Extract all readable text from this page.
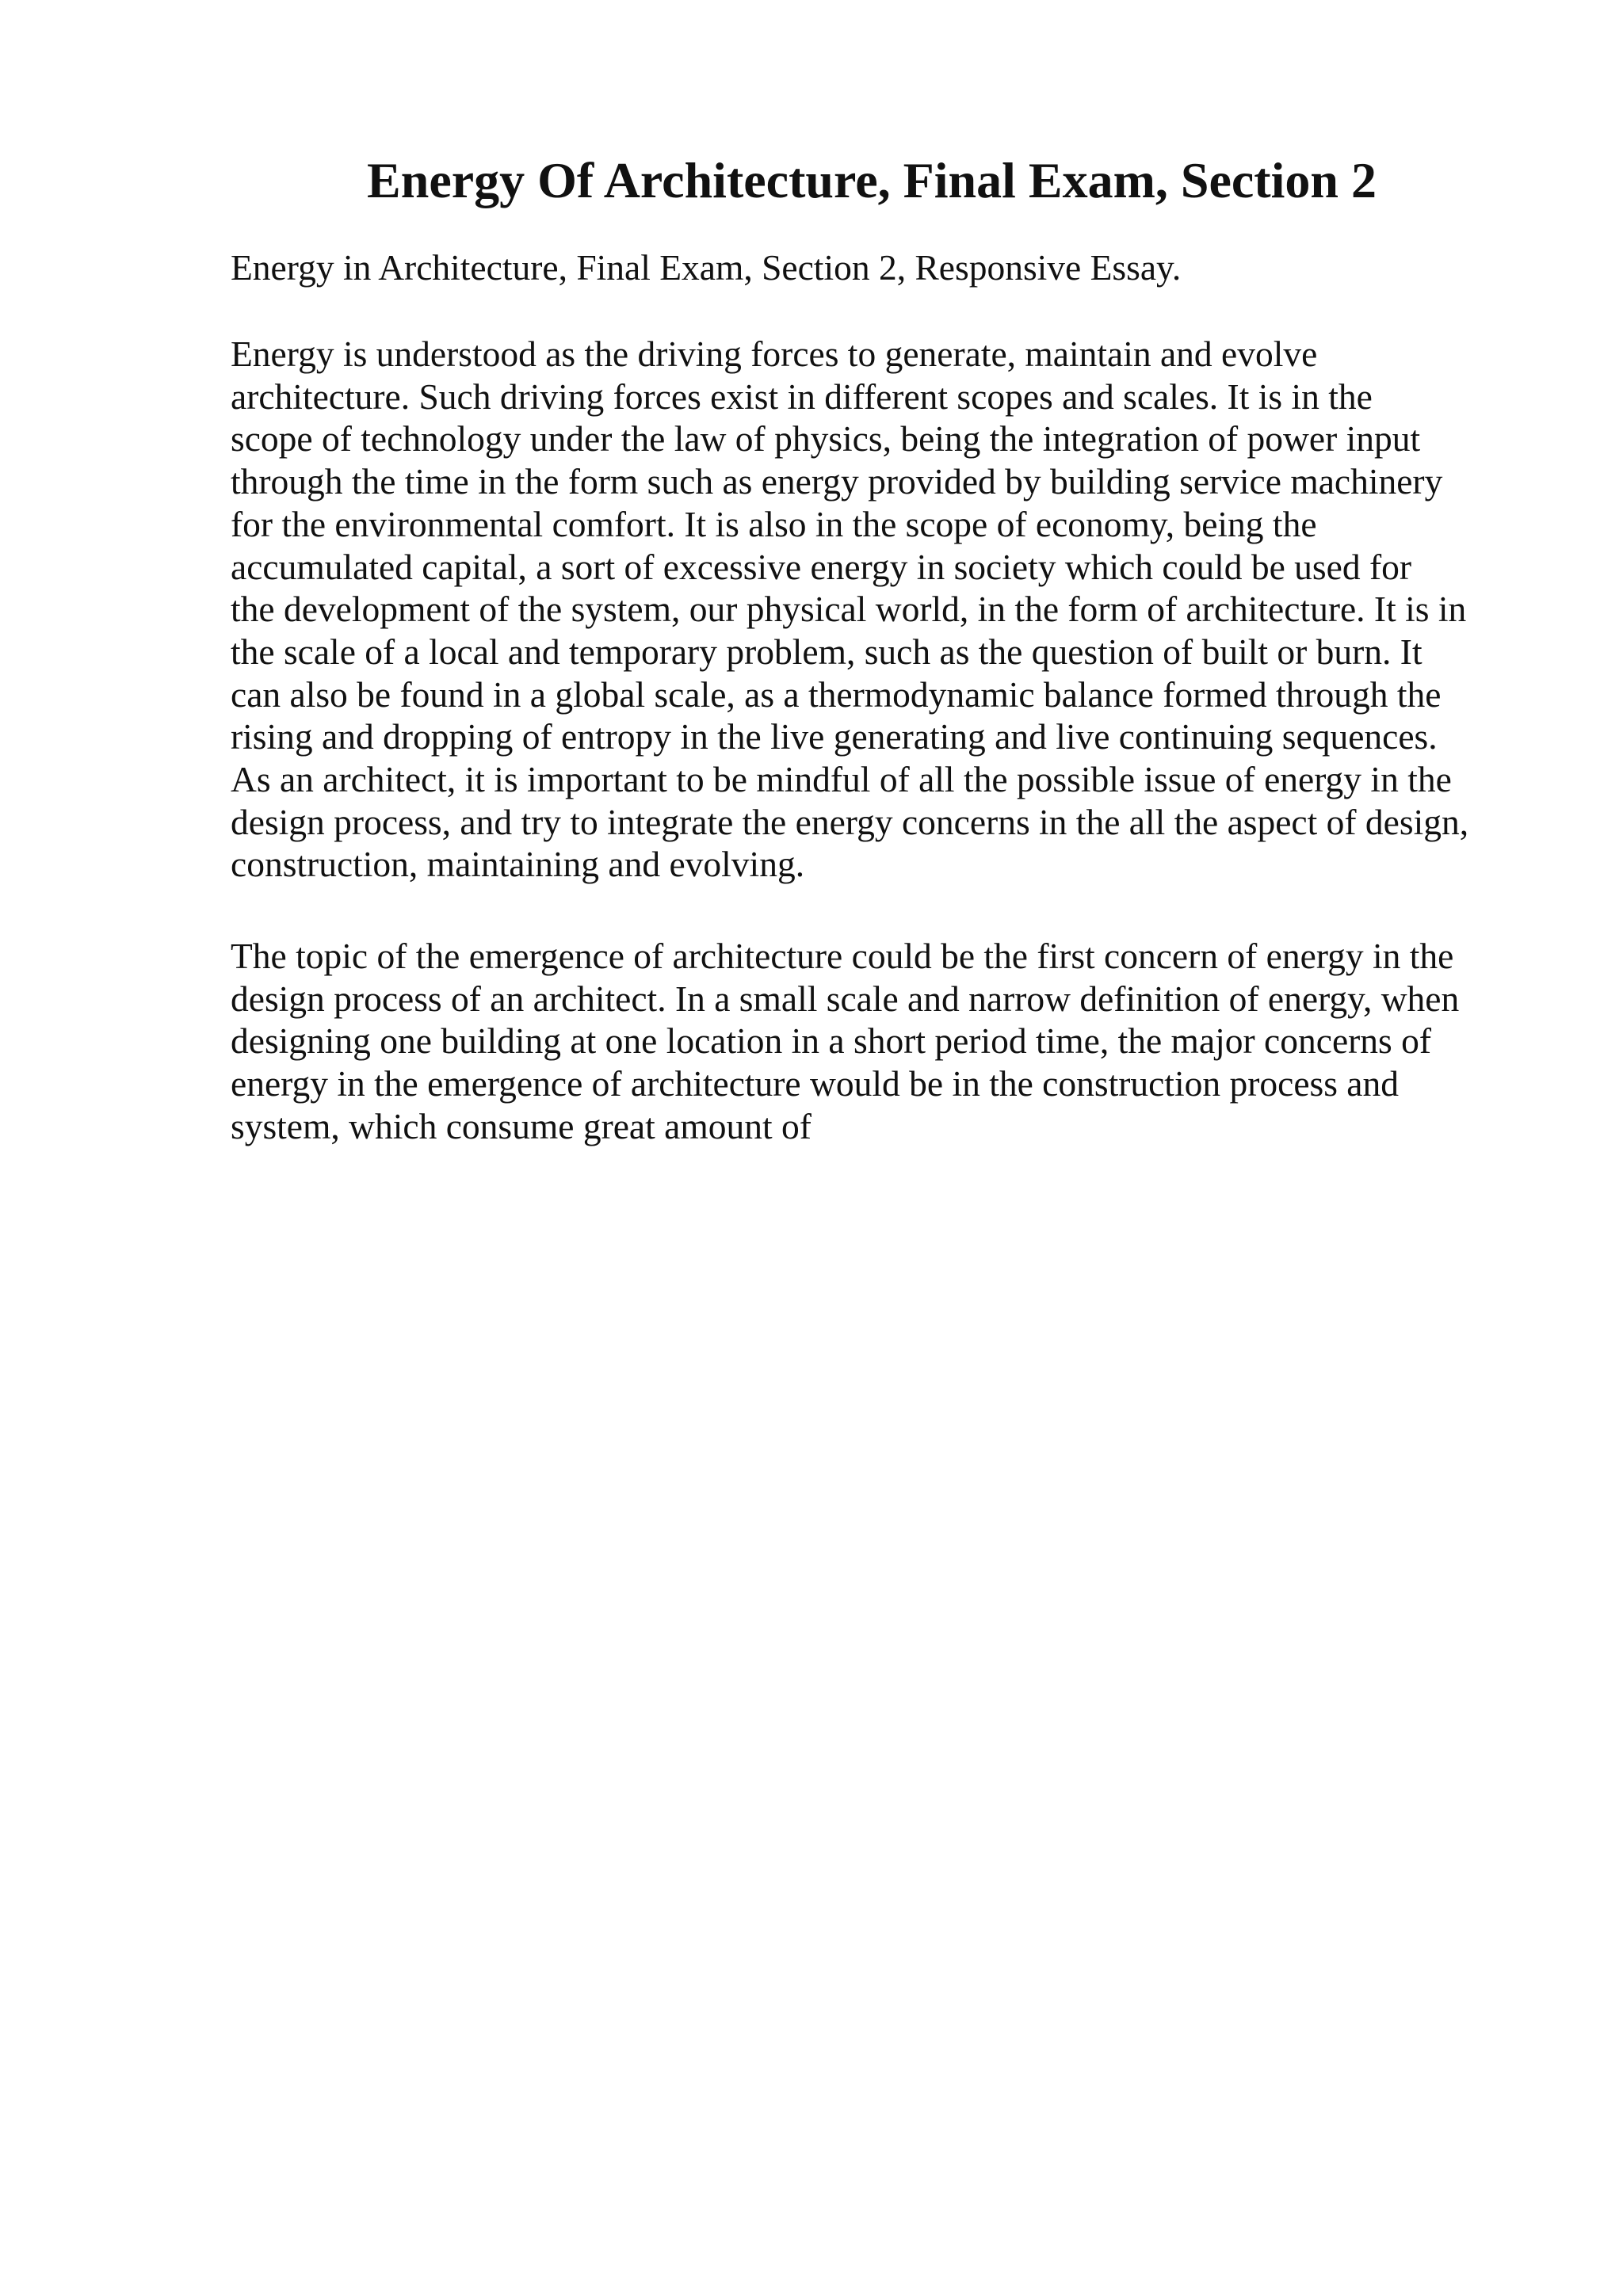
Energy Of Architecture, Final Exam, Section 2

Energy in Architecture, Final Exam, Section 2, Responsive Essay.

Energy is understood as the driving forces to generate, maintain and evolve
architecture. Such driving forces exist in different scopes and scales. It is in the
scope of technology under the law of physics, being the integration of power input
through the time in the form such as energy provided by building service machinery
for the environmental comfort. It is also in the scope of economy, being the
accumulated capital, a sort of excessive energy in society which could be used for
the development of the system, our physical world, in the form of architecture. It is in
the scale of a local and temporary problem, such as the question of built or burn. It
can also be found in a global scale, as a thermodynamic balance formed through the
rising and dropping of entropy in the live generating and live continuing sequences.
As an architect, it is important to be mindful of all the possible issue of energy in the
design process, and try to integrate the energy concerns in the all the aspect of design,
construction, maintaining and evolving.

The topic of the emergence of architecture could be the first concern of energy in the
design process of an architect. In a small scale and narrow definition of energy, when
designing one building at one location in a short period time, the major concerns of
energy in the emergence of architecture would be in the construction process and
system, which consume great amount of
